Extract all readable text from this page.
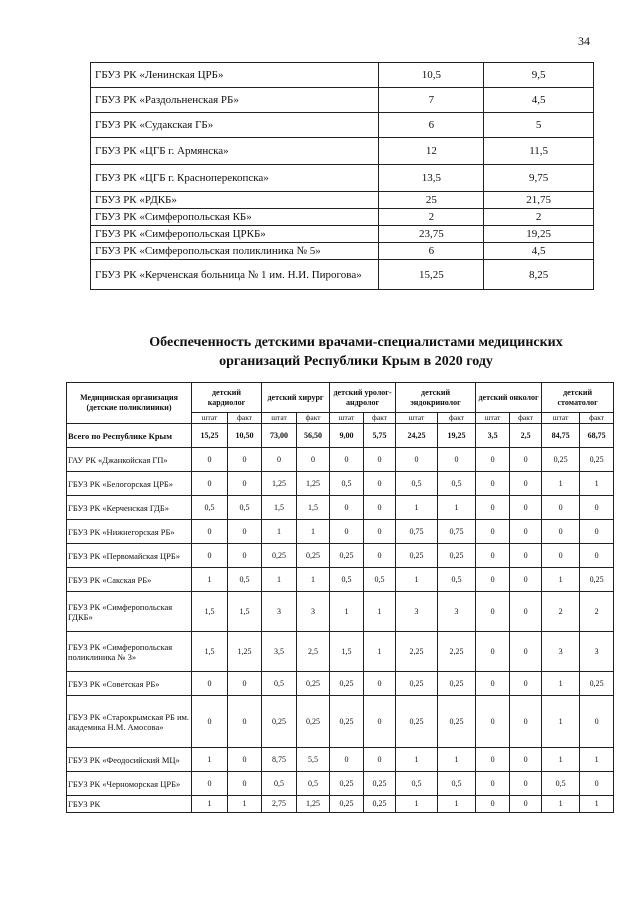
34
ГБУЗ РК «Ленинская ЦРБ»	10,5	9,5
ГБУЗ РК «Раздольненская РБ»	7	4,5
ГБУЗ РК «Судакская ГБ»	6	5
ГБУЗ РК «ЦГБ г. Армянска»	12	11,5
ГБУЗ РК «ЦГБ г. Красноперекопска»	13,5	9,75
ГБУЗ РК «РДКБ»	25	21,75
ГБУЗ РК «Симферопольская КБ»	2	2
ГБУЗ РК «Симферопольская ЦРКБ»	23,75	19,25
ГБУЗ РК «Симферопольская поликлиника № 5»	6	4,5
ГБУЗ РК «Керченская больница № 1 им. Н.И. Пирогова»	15,25	8,25
Обеспеченность детскими врачами-специалистами медицинских организаций Республики Крым в 2020 году
Медицинская организация (детские поликлиники)	детский кардиолог		детский хирург		детский уролог-андролог		детский эндокринолог		детский онколог		детский стоматолог	
	штат	факт	штат	факт	штат	факт	штат	факт	штат	факт	штат	факт
Всего по Республике Крым	15,25	10,50	73,00	56,50	9,00	5,75	24,25	19,25	3,5	2,5	84,75	68,75
ГАУ РК «Джанкойская ГП»	0	0	0	0	0	0	0	0	0	0	0,25	0,25
ГБУЗ РК «Белогорская ЦРБ»	0	0	1,25	1,25	0,5	0	0,5	0,5	0	0	1	1
ГБУЗ РК «Керченская ГДБ»	0,5	0,5	1,5	1,5	0	0	1	1	0	0	0	0
ГБУЗ РК «Нижнегорская РБ»	0	0	1	1	0	0	0,75	0,75	0	0	0	0
ГБУЗ РК «Первомайская ЦРБ»	0	0	0,25	0,25	0,25	0	0,25	0,25	0	0	0	0
ГБУЗ РК «Сакская РБ»	1	0,5	1	1	0,5	0,5	1	0,5	0	0	1	0,25
ГБУЗ РК «Симферопольская ГДКБ»	1,5	1,5	3	3	1	1	3	3	0	0	2	2
ГБУЗ РК «Симферопольская поликлиника № 3»	1,5	1,25	3,5	2,5	1,5	1	2,25	2,25	0	0	3	3
ГБУЗ РК «Советская РБ»	0	0	0,5	0,25	0,25	0	0,25	0,25	0	0	1	0,25
ГБУЗ РК «Старокрымская РБ им. академика Н.М. Амосова»	0	0	0,25	0,25	0,25	0	0,25	0,25	0	0	1	0
ГБУЗ РК «Феодосийский МЦ»	1	0	8,75	5,5	0	0	1	1	0	0	1	1
ГБУЗ РК «Черноморская ЦРБ»	0	0	0,5	0,5	0,25	0,25	0,5	0,5	0	0	0,5	0
ГБУЗ РК	1	1	2,75	1,25	0,25	0,25	1	1	0	0	1	1
